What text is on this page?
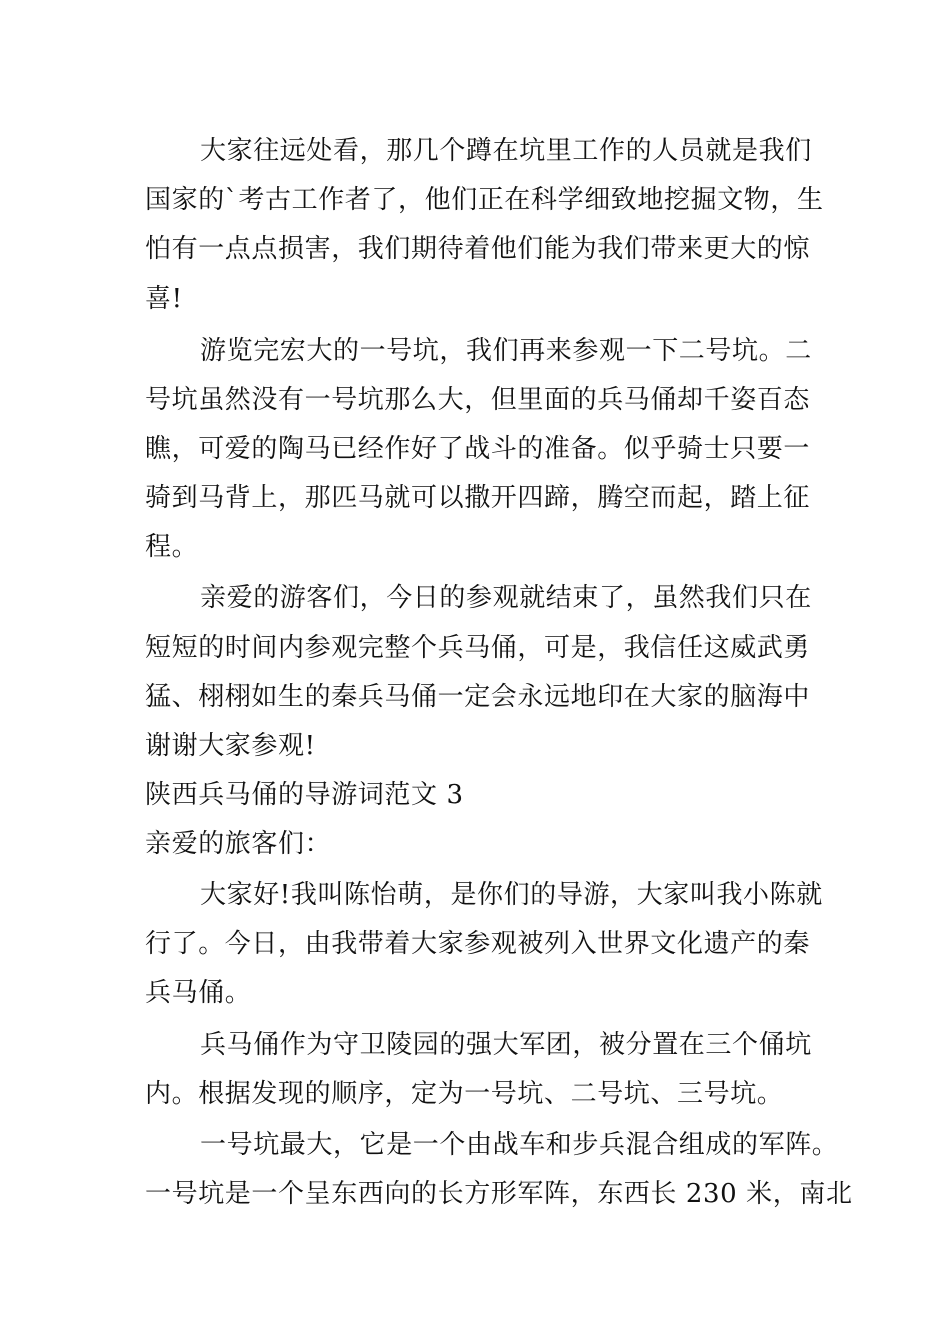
大家往远处看，那几个蹲在坑里工作的人员就是我们
国家的`考古工作者了，他们正在科学细致地挖掘文物，生
怕有一点点损害，我们期待着他们能为我们带来更大的惊
喜!
游览完宏大的一号坑，我们再来参观一下二号坑。二
号坑虽然没有一号坑那么大，但里面的兵马俑却千姿百态
瞧，可爱的陶马已经作好了战斗的准备。似乎骑士只要一
骑到马背上，那匹马就可以撒开四蹄，腾空而起，踏上征
程。
亲爱的游客们，今日的参观就结束了，虽然我们只在
短短的时间内参观完整个兵马俑，可是，我信任这威武勇
猛、栩栩如生的秦兵马俑一定会永远地印在大家的脑海中
谢谢大家参观!
陕西兵马俑的导游词范文 3
亲爱的旅客们：
大家好!我叫陈怡萌，是你们的导游，大家叫我小陈就
行了。今日，由我带着大家参观被列入世界文化遗产的秦
兵马俑。
兵马俑作为守卫陵园的强大军团，被分置在三个俑坑
内。根据发现的顺序，定为一号坑、二号坑、三号坑。
一号坑最大，它是一个由战车和步兵混合组成的军阵。
一号坑是一个呈东西向的长方形军阵，东西长 230 米，南北
